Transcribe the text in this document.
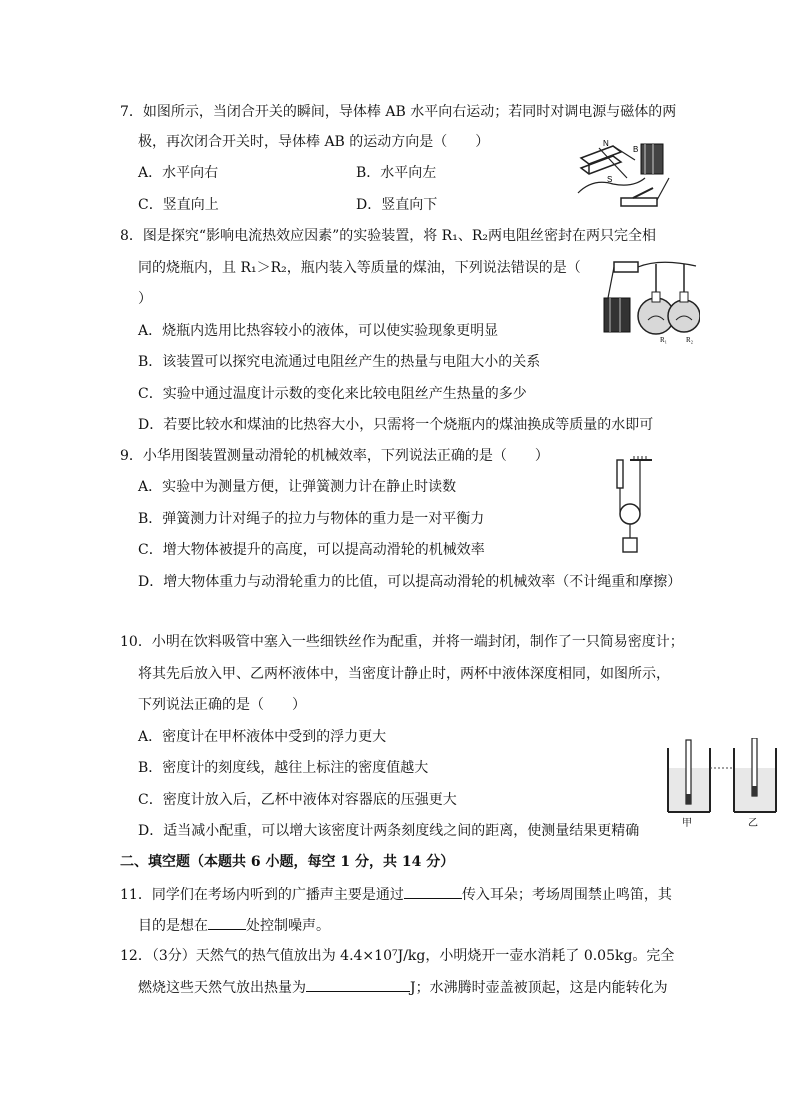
7．如图所示，当闭合开关的瞬间，导体棒 AB 水平向右运动；若同时对调电源与磁体的两
极，再次闭合开关时，导体棒 AB 的运动方向是（　　）
A．水平向右	B．水平向左
C．竖直向上	D．竖直向下
N
B
S
8．图是探究“影响电流热效应因素”的实验装置，将 R₁、R₂两电阻丝密封在两只完全相
同的烧瓶内，且 R₁＞R₂，瓶内装入等质量的煤油，下列说法错误的是（
）
A．烧瓶内选用比热容较小的液体，可以使实验现象更明显
B．该装置可以探究电流通过电阻丝产生的热量与电阻大小的关系
C．实验中通过温度计示数的变化来比较电阻丝产生热量的多少
D．若要比较水和煤油的比热容大小，只需将一个烧瓶内的煤油换成等质量的水即可
R₁	R₂
9．小华用图装置测量动滑轮的机械效率，下列说法正确的是（　　）
A．实验中为测量方便，让弹簧测力计在静止时读数
B．弹簧测力计对绳子的拉力与物体的重力是一对平衡力
C．增大物体被提升的高度，可以提高动滑轮的机械效率
D．增大物体重力与动滑轮重力的比值，可以提高动滑轮的机械效率（不计绳重和摩擦）
10．小明在饮料吸管中塞入一些细铁丝作为配重，并将一端封闭，制作了一只简易密度计；
将其先后放入甲、乙两杯液体中，当密度计静止时，两杯中液体深度相同，如图所示，
下列说法正确的是（　　）
A．密度计在甲杯液体中受到的浮力更大
B．密度计的刻度线，越往上标注的密度值越大
C．密度计放入后，乙杯中液体对容器底的压强更大
D．适当减小配重，可以增大该密度计两条刻度线之间的距离，使测量结果更精确	甲	乙
二、填空题（本题共 6 小题，每空 1 分，共 14 分）
11．同学们在考场内听到的广播声主要是通过	传入耳朵；考场周围禁止鸣笛，其
目的是想在	处控制噪声。
12．（3分）天然气的热气值放出为 4.4×10⁷J/kg，小明烧开一壶水消耗了 0.05kg。完全
燃烧这些天然气放出热量为	J；水沸腾时壶盖被顶起，这是内能转化为
